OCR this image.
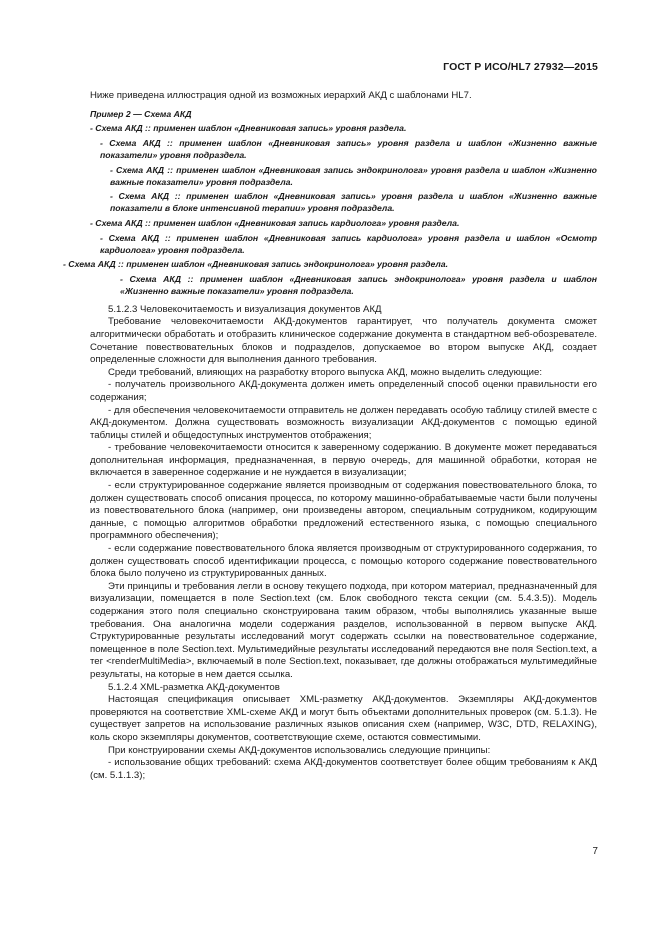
ГОСТ Р ИСО/HL7 27932—2015

Ниже приведена иллюстрация одной из возможных иерархий АКД с шаблонами HL7.

Пример 2 — Схема АКД

- Схема АКД :: применен шаблон «Дневниковая запись» уровня раздела.

- Схема АКД :: применен шаблон «Дневниковая запись» уровня раздела и шаблон «Жизненно важные показатели» уровня подраздела.

- Схема АКД :: применен шаблон «Дневниковая запись эндокринолога» уровня раздела и шаблон «Жизненно важные показатели» уровня подраздела.

- Схема АКД :: применен шаблон «Дневниковая запись» уровня раздела и шаблон «Жизненно важные показатели в блоке интенсивной терапии» уровня подраздела.

- Схема АКД :: применен шаблон «Дневниковая запись кардиолога» уровня раздела.

- Схема АКД :: применен шаблон «Дневниковая запись кардиолога» уровня раздела и шаблон «Осмотр кардиолога» уровня подраздела.

- Схема АКД :: применен шаблон «Дневниковая запись эндокринолога» уровня раздела.

- Схема АКД :: применен шаблон «Дневниковая запись эндокринолога» уровня раздела и шаблон «Жизненно важные показатели» уровня подраздела.

5.1.2.3 Человекочитаемость и визуализация документов АКД

Требование человекочитаемости АКД-документов гарантирует, что получатель документа сможет алгоритмически обработать и отобразить клиническое содержание документа в стандартном веб-обозревателе. Сочетание повествовательных блоков и подразделов, допускаемое во втором выпуске АКД, создает определенные сложности для выполнения данного требования.

Среди требований, влияющих на разработку второго выпуска АКД, можно выделить следующие:

- получатель произвольного АКД-документа должен иметь определенный способ оценки правильности его содержания;

- для обеспечения человекочитаемости отправитель не должен передавать особую таблицу стилей вместе с АКД-документом. Должна существовать возможность визуализации АКД-документов с помощью единой таблицы стилей и общедоступных инструментов отображения;

- требование человекочитаемости относится к заверенному содержанию. В документе может передаваться дополнительная информация, предназначенная, в первую очередь, для машинной обработки, которая не включается в заверенное содержание и не нуждается в визуализации;

- если структурированное содержание является производным от содержания повествовательного блока, то должен существовать способ описания процесса, по которому машинно-обрабатываемые части были получены из повествовательного блока (например, они произведены автором, специальным сотрудником, кодирующим данные, с помощью алгоритмов обработки предложений естественного языка, с помощью специального программного обеспечения);

- если содержание повествовательного блока является производным от структурированного содержания, то должен существовать способ идентификации процесса, с помощью которого содержание повествовательного блока было получено из структурированных данных.

Эти принципы и требования легли в основу текущего подхода, при котором материал, предназначенный для визуализации, помещается в поле Section.text (см. Блок свободного текста секции (см. 5.4.3.5)). Модель содержания этого поля специально сконструирована таким образом, чтобы выполнялись указанные выше требования. Она аналогична модели содержания разделов, использованной в первом выпуске АКД. Структурированные результаты исследований могут содержать ссылки на повествовательное содержание, помещенное в поле Section.text. Мультимедийные результаты исследований передаются вне поля Section.text, а тег <renderMultiMedia>, включаемый в поле Section.text, показывает, где должны отображаться мультимедийные результаты, на которые в нем дается ссылка.

5.1.2.4 XML-разметка АКД-документов

Настоящая спецификация описывает XML-разметку АКД-документов. Экземпляры АКД-документов проверяются на соответствие XML-схеме АКД и могут быть объектами дополнительных проверок (см. 5.1.3). Не существует запретов на использование различных языков описания схем (например, W3C, DTD, RELAXING), коль скоро экземпляры документов, соответствующие схеме, остаются совместимыми.

При конструировании схемы АКД-документов использовались следующие принципы:

- использование общих требований: схема АКД-документов соответствует более общим требованиям к АКД (см. 5.1.1.3);

7
